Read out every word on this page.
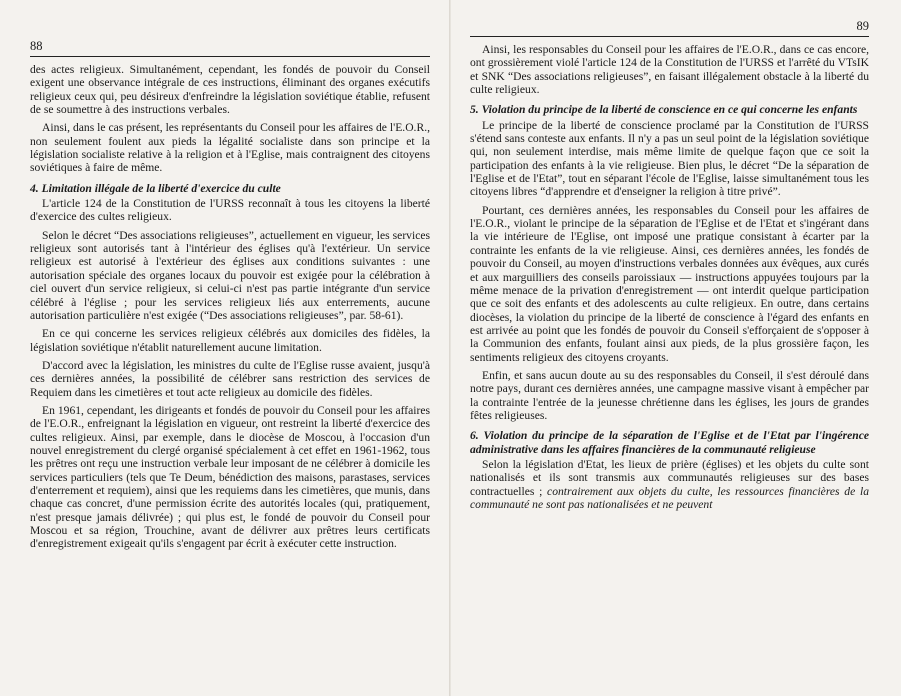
88

des actes religieux. Simultanément, cependant, les fondés de pouvoir du Conseil exigent une observance intégrale de ces instructions, éliminant des organes exécutifs religieux ceux qui, peu désireux d'enfreindre la législation soviétique établie, refusent de se soumettre à des instructions verbales.

Ainsi, dans le cas présent, les représentants du Conseil pour les affaires de l'E.O.R., non seulement foulent aux pieds la légalité socialiste dans son principe et la législation socialiste relative à la religion et à l'Eglise, mais contraignent des citoyens soviétiques à faire de même.

4. Limitation illégale de la liberté d'exercice du culte

L'article 124 de la Constitution de l'URSS reconnaît à tous les citoyens la liberté d'exercice des cultes religieux.

Selon le décret “Des associations religieuses”, actuellement en vigueur, les services religieux sont autorisés tant à l'intérieur des églises qu'à l'extérieur. Un service religieux est autorisé à l'extérieur des églises aux conditions suivantes : une autorisation spéciale des organes locaux du pouvoir est exigée pour la célébration à ciel ouvert d'un service religieux, si celui-ci n'est pas partie intégrante d'un service célébré à l'église ; pour les services religieux liés aux enterrements, aucune autorisation particulière n'est exigée (“Des associations religieuses”, par. 58-61).

En ce qui concerne les services religieux célébrés aux domiciles des fidèles, la législation soviétique n'établit naturellement aucune limitation.

D'accord avec la législation, les ministres du culte de l'Eglise russe avaient, jusqu'à ces dernières années, la possibilité de célébrer sans restriction des services de Requiem dans les cimetières et tout acte religieux au domicile des fidèles.

En 1961, cependant, les dirigeants et fondés de pouvoir du Conseil pour les affaires de l'E.O.R., enfreignant la législation en vigueur, ont restreint la liberté d'exercice des cultes religieux. Ainsi, par exemple, dans le diocèse de Moscou, à l'occasion d'un nouvel enregistrement du clergé organisé spécialement à cet effet en 1961-1962, tous les prêtres ont reçu une instruction verbale leur imposant de ne célébrer à domicile les services particuliers (tels que Te Deum, bénédiction des maisons, parastases, services d'enterrement et requiem), ainsi que les requiems dans les cimetières, que munis, dans chaque cas concret, d'une permission écrite des autorités locales (qui, pratiquement, n'est presque jamais délivrée) ; qui plus est, le fondé de pouvoir du Conseil pour Moscou et sa région, Trouchine, avant de délivrer aux prêtres leurs certificats d'enregistrement exigeait qu'ils s'engagent par écrit à exécuter cette instruction.

89

Ainsi, les responsables du Conseil pour les affaires de l'E.O.R., dans ce cas encore, ont grossièrement violé l'article 124 de la Constitution de l'URSS et l'arrêté du VTsIK et SNK “Des associations religieuses”, en faisant illégalement obstacle à la liberté du culte religieux.

5. Violation du principe de la liberté de conscience en ce qui concerne les enfants

Le principe de la liberté de conscience proclamé par la Constitution de l'URSS s'étend sans conteste aux enfants. Il n'y a pas un seul point de la législation soviétique qui, non seulement interdise, mais même limite de quelque façon que ce soit la participation des enfants à la vie religieuse. Bien plus, le décret “De la séparation de l'Eglise et de l'Etat”, tout en séparant l'école de l'Eglise, laisse simultanément tous les citoyens libres “d'apprendre et d'enseigner la religion à titre privé”.

Pourtant, ces dernières années, les responsables du Conseil pour les affaires de l'E.O.R., violant le principe de la séparation de l'Eglise et de l'Etat et s'ingérant dans la vie intérieure de l'Eglise, ont imposé une pratique consistant à écarter par la contrainte les enfants de la vie religieuse. Ainsi, ces dernières années, les fondés de pouvoir du Conseil, au moyen d'instructions verbales données aux évêques, aux curés et aux marguilliers des conseils paroissiaux — instructions appuyées toujours par la même menace de la privation d'enregistrement — ont interdit quelque participation que ce soit des enfants et des adolescents au culte religieux. En outre, dans certains diocèses, la violation du principe de la liberté de conscience à l'égard des enfants en est arrivée au point que les fondés de pouvoir du Conseil s'efforçaient de s'opposer à la Communion des enfants, foulant ainsi aux pieds, de la plus grossière façon, les sentiments religieux des citoyens croyants.

Enfin, et sans aucun doute au su des responsables du Conseil, il s'est déroulé dans notre pays, durant ces dernières années, une campagne massive visant à empêcher par la contrainte l'entrée de la jeunesse chrétienne dans les églises, les jours de grandes fêtes religieuses.

6. Violation du principe de la séparation de l'Eglise et de l'Etat par l'ingérence administrative dans les affaires financières de la communauté religieuse

Selon la législation d'Etat, les lieux de prière (églises) et les objets du culte sont nationalisés et ils sont transmis aux communautés religieuses sur des bases contractuelles ; contrairement aux objets du culte, les ressources financières de la communauté ne sont pas nationalisées et ne peuvent
